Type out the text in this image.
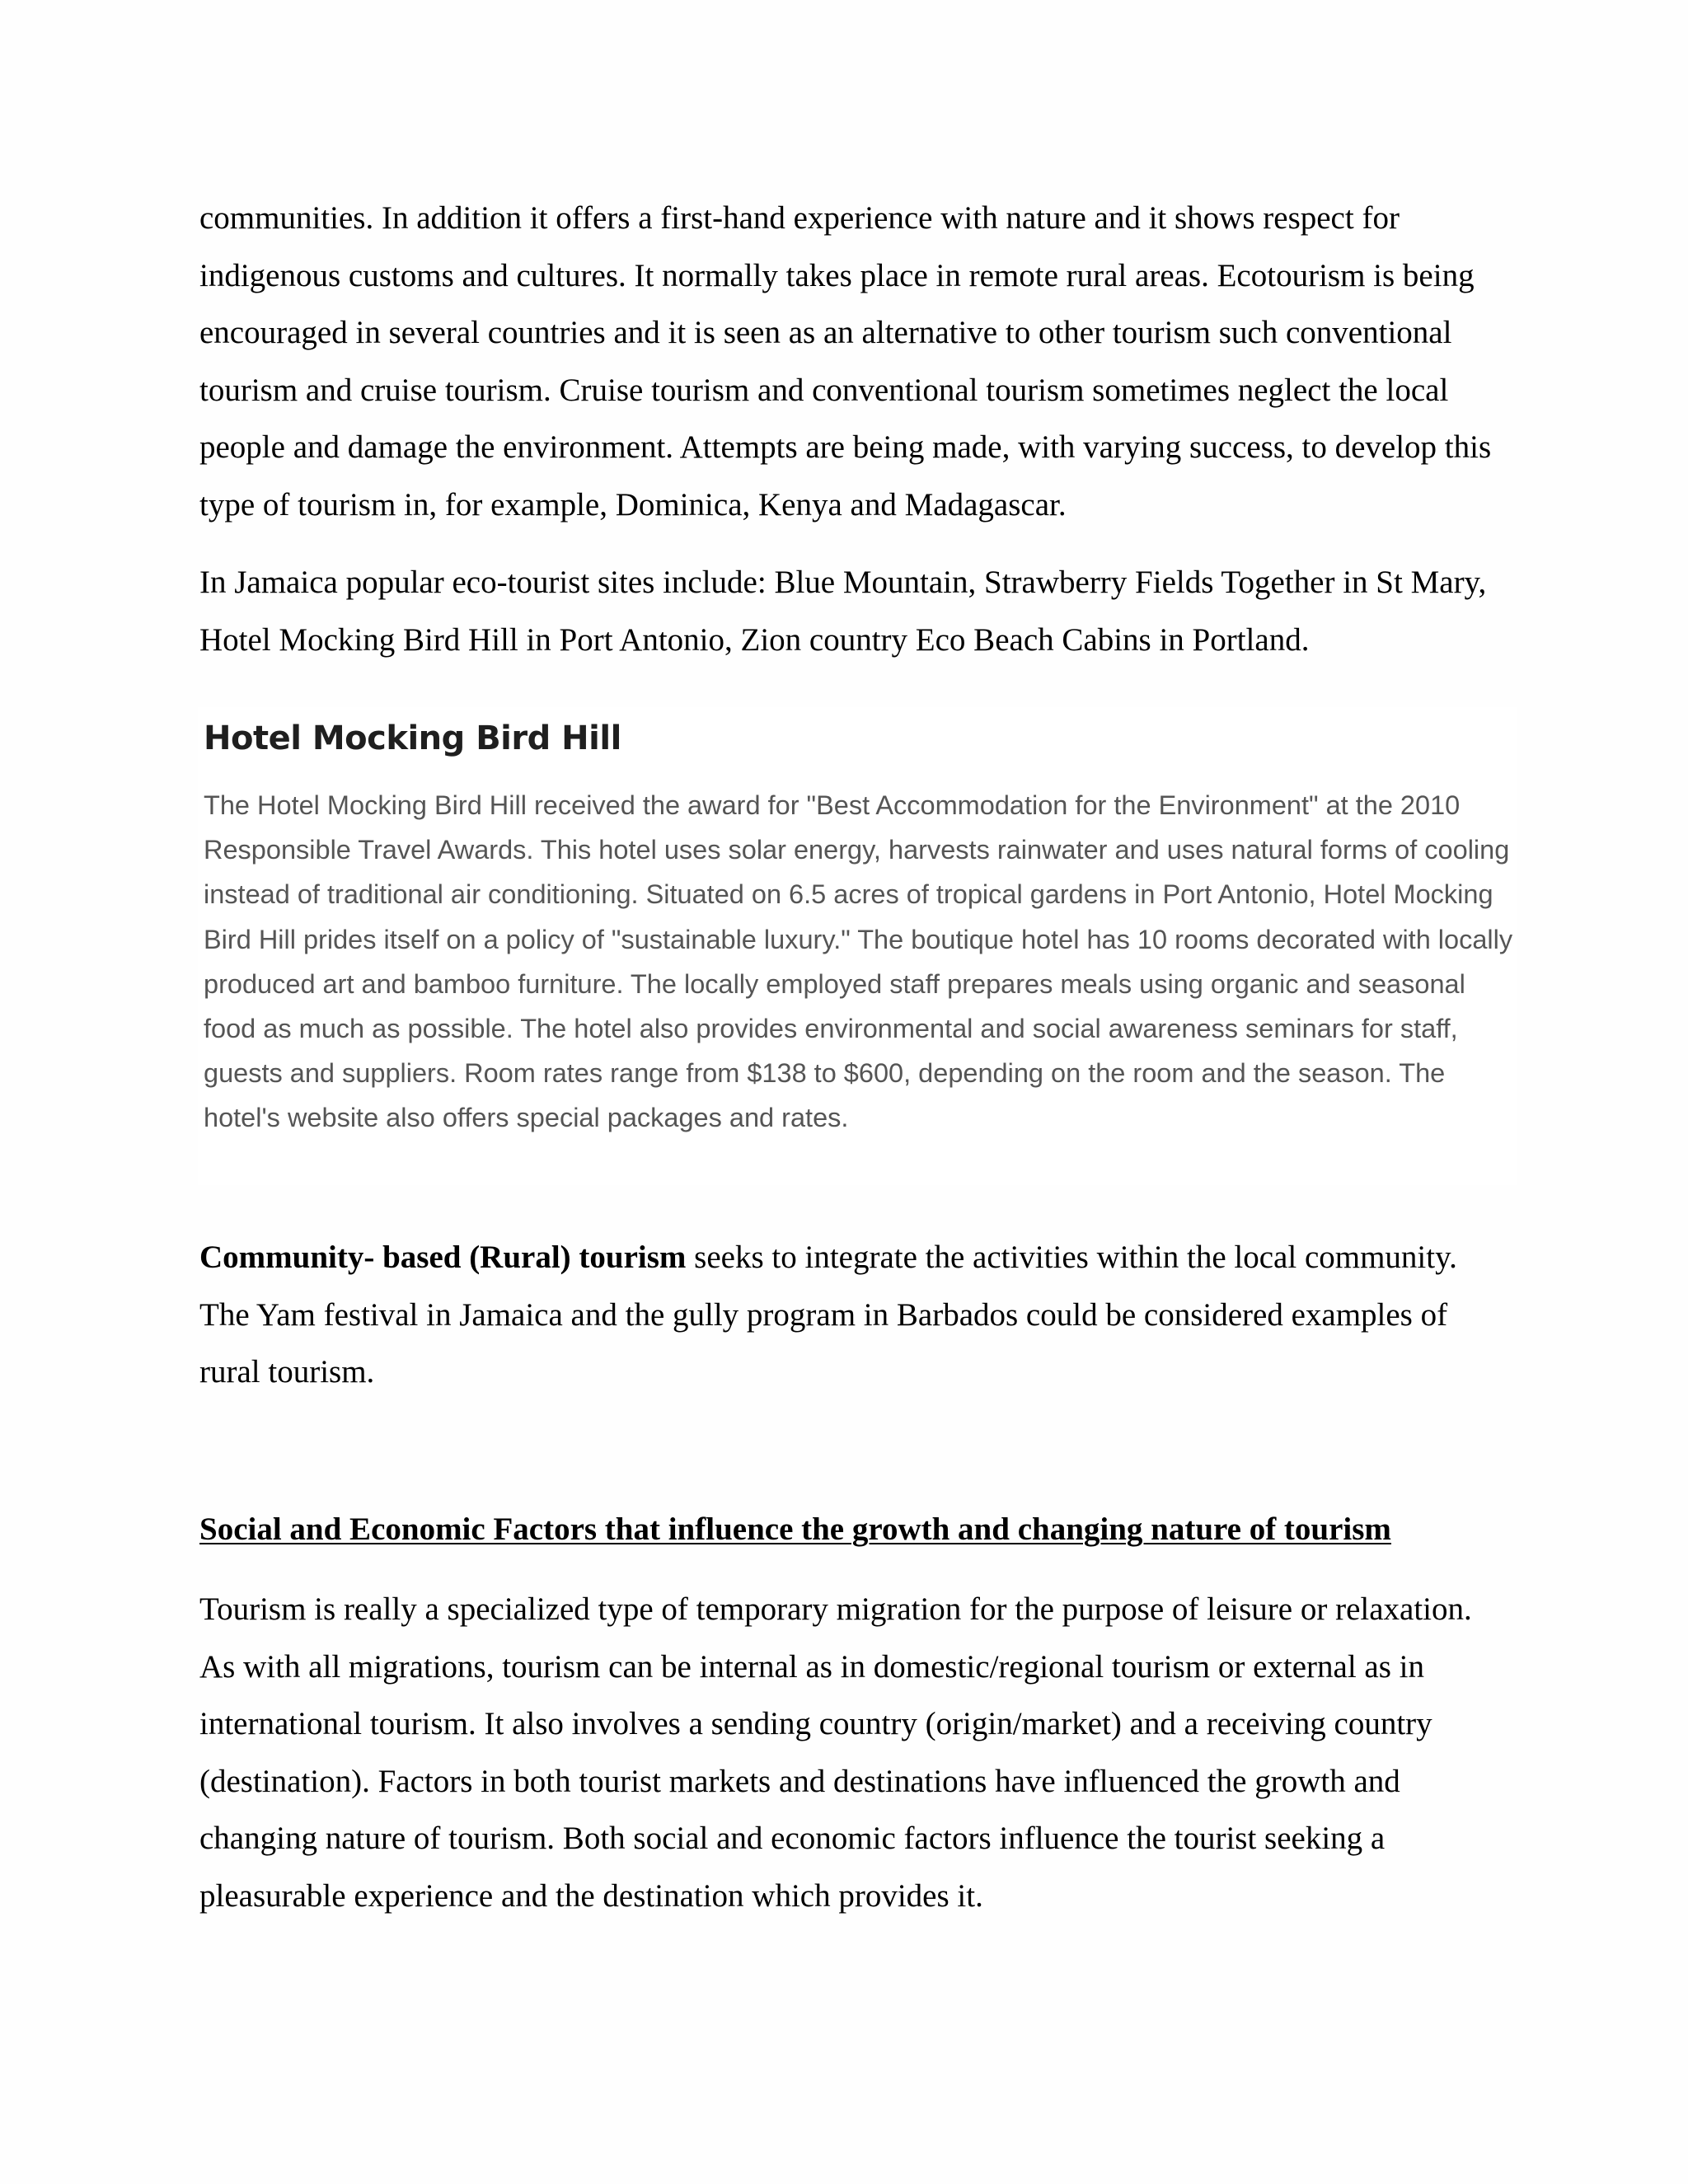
communities. In addition it offers a first-hand experience with nature and it shows respect for indigenous customs and cultures. It normally takes place in remote rural areas. Ecotourism is being encouraged in several countries and it is seen as an alternative to other tourism such conventional tourism and cruise tourism. Cruise tourism and conventional tourism sometimes neglect the local people and damage the environment. Attempts are being made, with varying success, to develop this type of tourism in, for example, Dominica, Kenya and Madagascar.

In Jamaica popular eco-tourist sites include: Blue Mountain, Strawberry Fields Together in St Mary, Hotel Mocking Bird Hill in Port Antonio, Zion country Eco Beach Cabins in Portland.

Hotel Mocking Bird Hill

The Hotel Mocking Bird Hill received the award for "Best Accommodation for the Environment" at the 2010 Responsible Travel Awards. This hotel uses solar energy, harvests rainwater and uses natural forms of cooling instead of traditional air conditioning. Situated on 6.5 acres of tropical gardens in Port Antonio, Hotel Mocking Bird Hill prides itself on a policy of "sustainable luxury." The boutique hotel has 10 rooms decorated with locally produced art and bamboo furniture. The locally employed staff prepares meals using organic and seasonal food as much as possible. The hotel also provides environmental and social awareness seminars for staff, guests and suppliers. Room rates range from $138 to $600, depending on the room and the season. The hotel's website also offers special packages and rates.

Community- based (Rural) tourism seeks to integrate the activities within the local community. The Yam festival in Jamaica and the gully program in Barbados could be considered examples of rural tourism.

Social and Economic Factors that influence the growth and changing nature of tourism

Tourism is really a specialized type of temporary migration for the purpose of leisure or relaxation. As with all migrations, tourism can be internal as in domestic/regional tourism or external as in international tourism. It also involves a sending country (origin/market) and a receiving country (destination). Factors in both tourist markets and destinations have influenced the growth and changing nature of tourism. Both social and economic factors influence the tourist seeking a pleasurable experience and the destination which provides it.
